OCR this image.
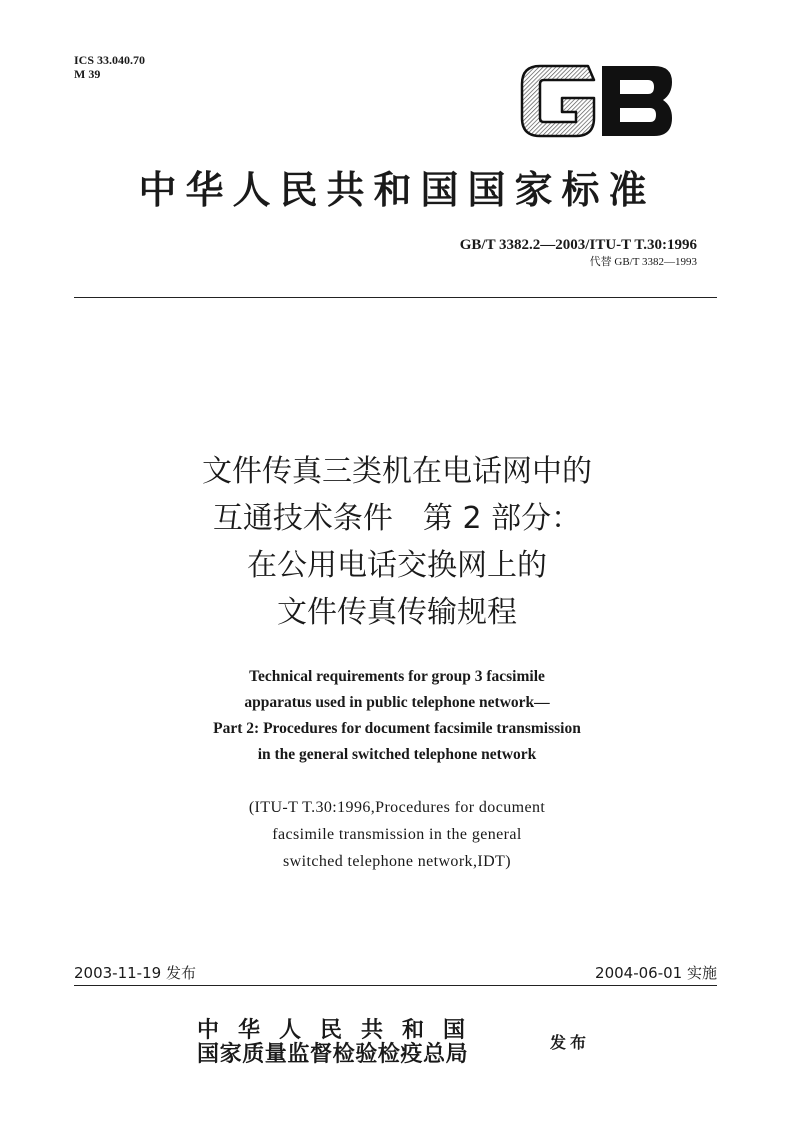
ICS 33.040.70
M 39
中华人民共和国国家标准
GB/T 3382.2—2003/ITU-T T.30:1996
代替 GB/T 3382—1993
文件传真三类机在电话网中的
互通技术条件　第 2 部分：
在公用电话交换网上的
文件传真传输规程
Technical requirements for group 3 facsimile
apparatus used in public telephone network—
Part 2: Procedures for document facsimile transmission
in the general switched telephone network
(ITU-T T.30:1996,Procedures for document
facsimile transmission in the general
switched telephone network,IDT)
2003-11-19 发布	2004-06-01 实施
中华人民共和国
国家质量监督检验检疫总局	发布
